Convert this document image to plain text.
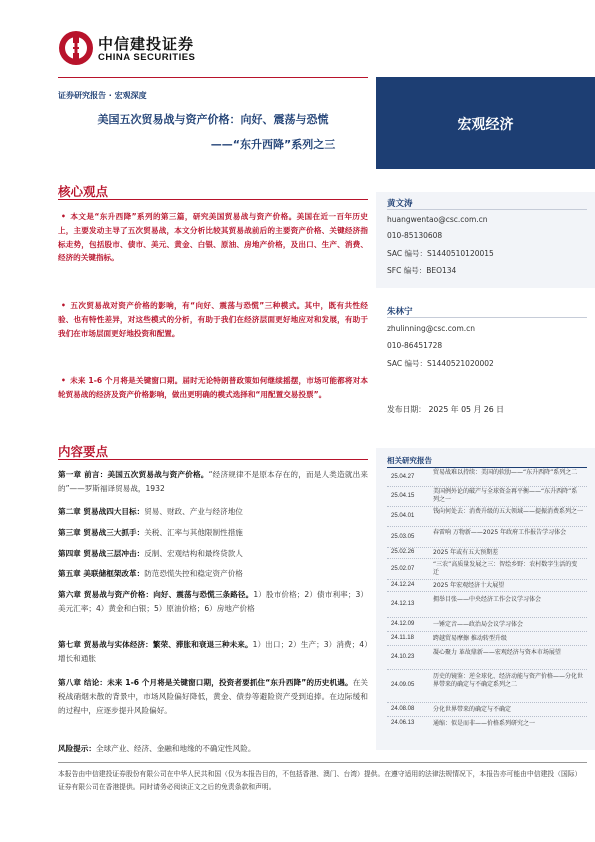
中信建投证券
CHINA SECURITIES
证券研究报告 · 宏观深度
美国五次贸易战与资产价格：向好、震荡与恐慌
——“东升西降”系列之三
宏观经济
核心观点
• 本文是“东升西降”系列的第三篇，研究美国贸易战与资产价格。美国在近一百年历史上，主要发动主导了五次贸易战，本文分析比较其贸易战前后的主要资产价格、关键经济指标走势，包括股市、债市、美元、黄金、白银、原油、房地产价格，及出口、生产、消费、经济的关键指标。
• 五次贸易战对资产价格的影响，有“向好、震荡与恐慌”三种模式。其中，既有共性经验、也有特性差异，对这些模式的分析，有助于我们在经济层面更好地应对和发展，有助于我们在市场层面更好地投资和配置。
• 未来 1-6 个月将是关键窗口期。届时无论特朗普政策如何继续摇摆，市场可能都将对本轮贸易战的经济及资产价格影响，做出更明确的模式选择和“用配置交易投票”。
内容要点
第一章 前言：美国五次贸易战与资产价格。“经济规律不是原本存在的，而是人类造就出来的”——罗斯福译贸易战，1932
第二章 贸易战四大目标：贸易、财政、产业与经济地位
第三章 贸易战三大抓手：关税、汇率与其他限制性措施
第四章 贸易战三层冲击：反制、宏观结构和最终贷款人
第五章 美联储框架改革：防范恐慌失控和稳定资产价格
第六章 贸易战与资产价格：向好、震荡与恐慌三条路径。1）股市价格；2）债市利率；3）美元汇率；4）黄金和白银；5）原油价格；6）房地产价格
第七章 贸易战与实体经济：繁荣、滞胀和衰退三种未来。1）出口；2）生产；3）消费；4）增长和通胀
第八章 结论：未来 1-6 个月将是关键窗口期，投资者要抓住“东升西降”的历史机遇。在关税战硝烟未散的背景中，市场风险偏好降低，黄金、债券等避险资产受到追捧。在边际缓和的过程中，应逐步提升风险偏好。
风险提示：全球产业、经济、金融和地缘的不确定性风险。
黄文涛
huangwentao@csc.com.cn
010-85130608
SAC 编号：S1440510120015
SFC 编号：BEO134
朱林宁
zhulinning@csc.com.cn
010-86451728
SAC 编号：S1440521020002
发布日期： 2025 年 05 月 26 日
相关研究报告
25.04.27
贸易战难以持续：美国的软肋——“东升西降”系列之二
25.04.15
美国例外论的破产与全球资金再平衡——“东升西降”系列之一
25.04.01
钱向何处去：消费升级的五大领域——提振消费系列之一
25.03.05
春雷响 万物新——2025 年政府工作报告学习体会
25.02.26	2025 年或有五大预期差
25.02.07
“三农”高质量发展之三：智绘乡野：农村数字生活的变迁
24.12.24	2025 年宏观经济十大展望
24.12.13
拥举目张——中央经济工作会议学习体会
24.12.09	一锤定音——政治局会议学习体会
24.11.18	跨越贸易摩擦 推动转型升级
24.10.23
凝心聚力 革故鼎新——宏观经济与资本市场展望
24.09.05
历史的镜鉴：逆全球化、经济动能与资产价格——分化世界带来的确定与不确定系列之二
24.08.08	分化世界带来的确定与不确定
24.06.13	通缩：似是而非——价格系列研究之一
本报告由中信建投证券股份有限公司在中华人民共和国（仅为本报告目的，不包括香港、澳门、台湾）提供。在遵守适用的法律法规情况下，本报告亦可能由中信建投（国际）证券有限公司在香港提供。同时请务必阅读正文之后的免责条款和声明。
